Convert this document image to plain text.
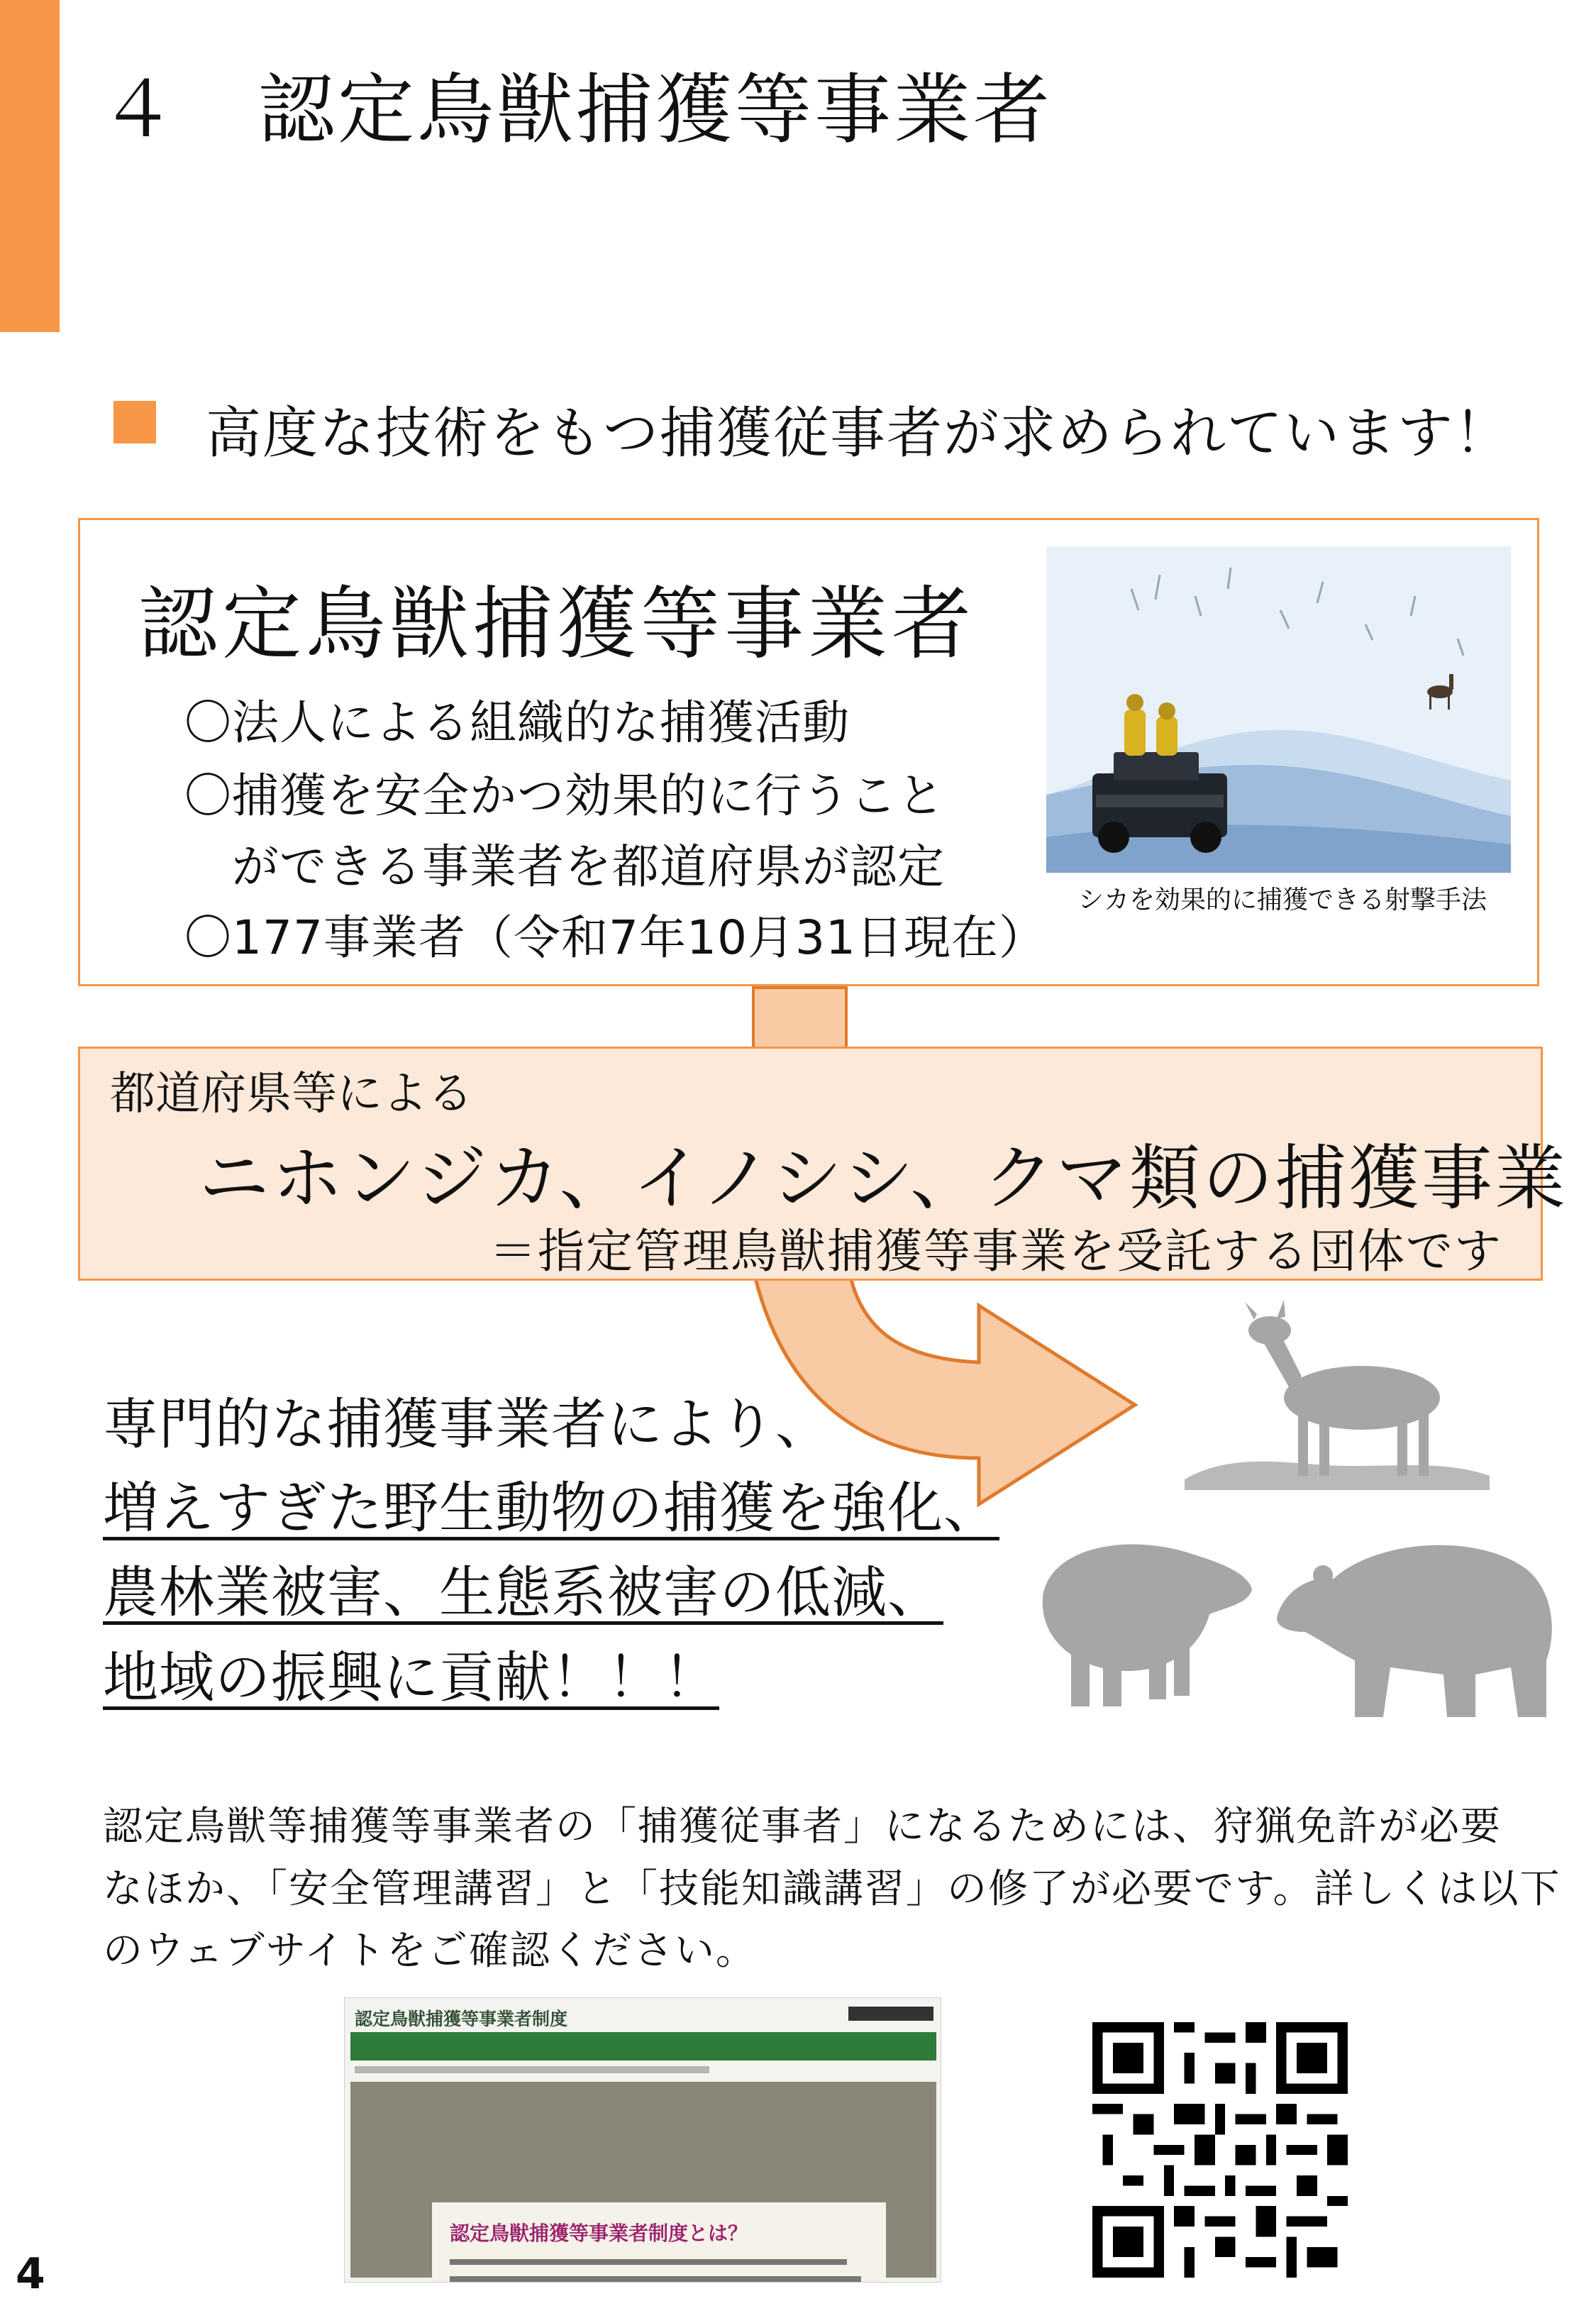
４　認定鳥獣捕獲等事業者
高度な技術をもつ捕獲従事者が求められています！
認定鳥獣捕獲等事業者
〇法人による組織的な捕獲活動
〇捕獲を安全かつ効果的に行うこと
　ができる事業者を都道府県が認定
〇177事業者（令和7年10月31日現在）
シカを効果的に捕獲できる射撃手法
都道府県等による
ニホンジカ、イノシシ、クマ類の捕獲事業
＝指定管理鳥獣捕獲等事業を受託する団体です
専門的な捕獲事業者により、
増えすぎた野生動物の捕獲を強化、
農林業被害、生態系被害の低減、
地域の振興に貢献！！！
認定鳥獣等捕獲等事業者の「捕獲従事者」になるためには、狩猟免許が必要
なほか、「安全管理講習」と「技能知識講習」の修了が必要です。詳しくは以下
のウェブサイトをご確認ください。
認定鳥獣捕獲等事業者制度
認定鳥獣捕獲等事業者制度とは？
4
